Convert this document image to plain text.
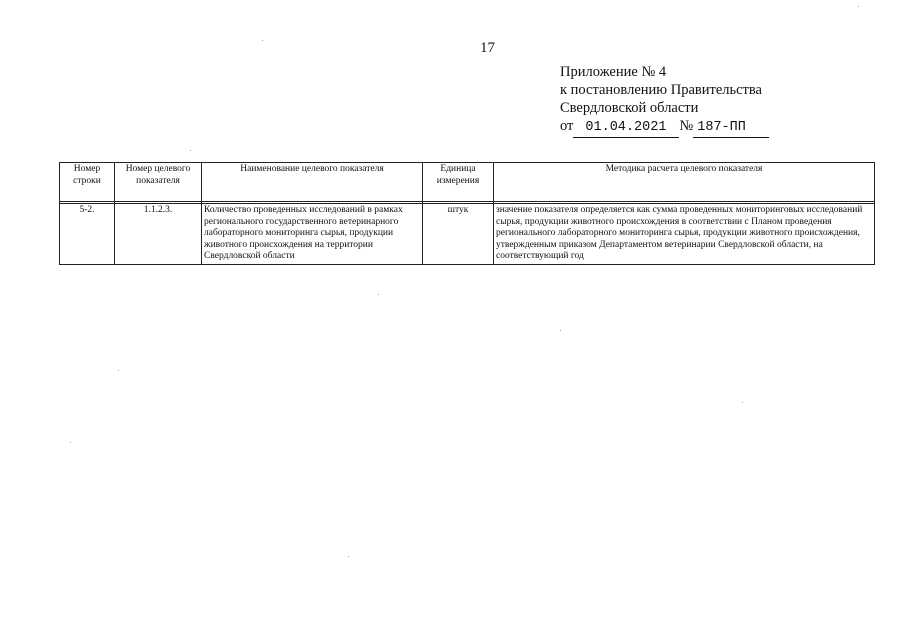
17
Приложение № 4
к постановлению Правительства
Свердловской области
от 01.04.2021 № 187-ПП
Номер строки	Номер целевого показателя	Наименование целевого показателя	Единица измерения	Методика расчета целевого показателя

5-2.	1.1.2.3.	Количество проведенных исследований в рамках регионального государственного ветеринарного лабораторного мониторинга сырья, продукции животного происхождения на территории Свердловской области	штук	значение показателя определяется как сумма проведенных мониторинговых исследований сырья, продукции животного происхождения в соответствии с Планом проведения регионального лабораторного мониторинга сырья, продукции животного происхождения, утвержденным приказом Департаментом ветеринарии Свердловской области, на соответствующий год
